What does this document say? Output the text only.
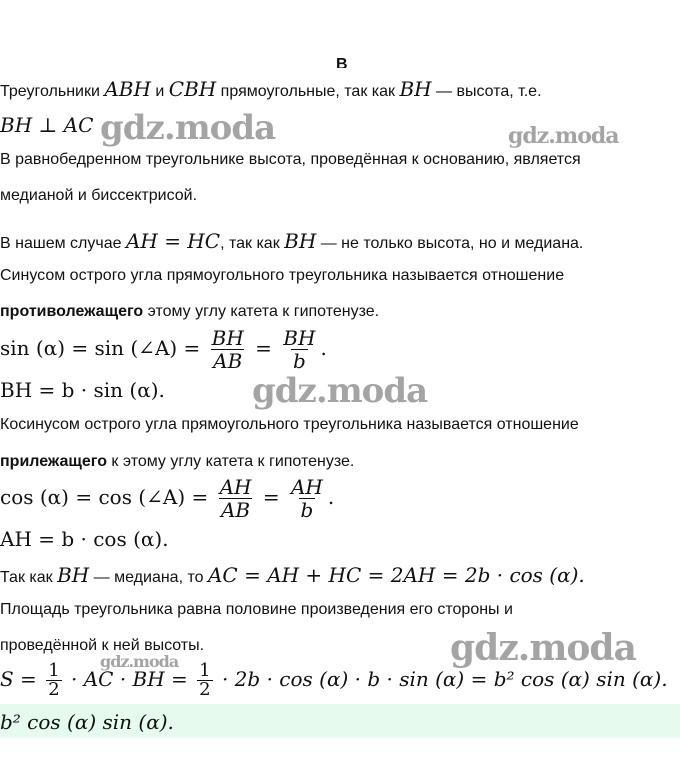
В
Треугольники ABH и CBH прямоугольные, так как BH — высота, т.е.
BH ⊥ AC
В равнобедренном треугольнике высота, проведённая к основанию, является
медианой и биссектрисой.
В нашем случае AH = HC, так как BH — не только высота, но и медиана.
Синусом острого угла прямоугольного треугольника называется отношение
противолежащего этому углу катета к гипотенузе.
sin (α) = sin (∠A) = $\frac{BH}{AB} = \frac{BH}{b}$ .
BH = b · sin (α).
Косинусом острого угла прямоугольного треугольника называется отношение
прилежащего к этому углу катета к гипотенузе.
cos (α) = cos (∠A) = $\frac{AH}{AB} = \frac{AH}{b}$ .
AH = b · cos (α).
Так как BH — медиана, то AC = AH + HC = 2AH = 2b · cos (α).
Площадь треугольника равна половине произведения его стороны и
проведённой к ней высоты.
$S = \frac{1}{2}$ · AC · BH = $\frac{1}{2} \cdot 2b \cdot \cos (\alpha) \cdot b \cdot \sin (\alpha) = b^2$ cos (α) sin (α).
b² cos (α) sin (α).
gdz.moda	gdz.moda
gdz.moda
gdz.moda
gdz.moda
